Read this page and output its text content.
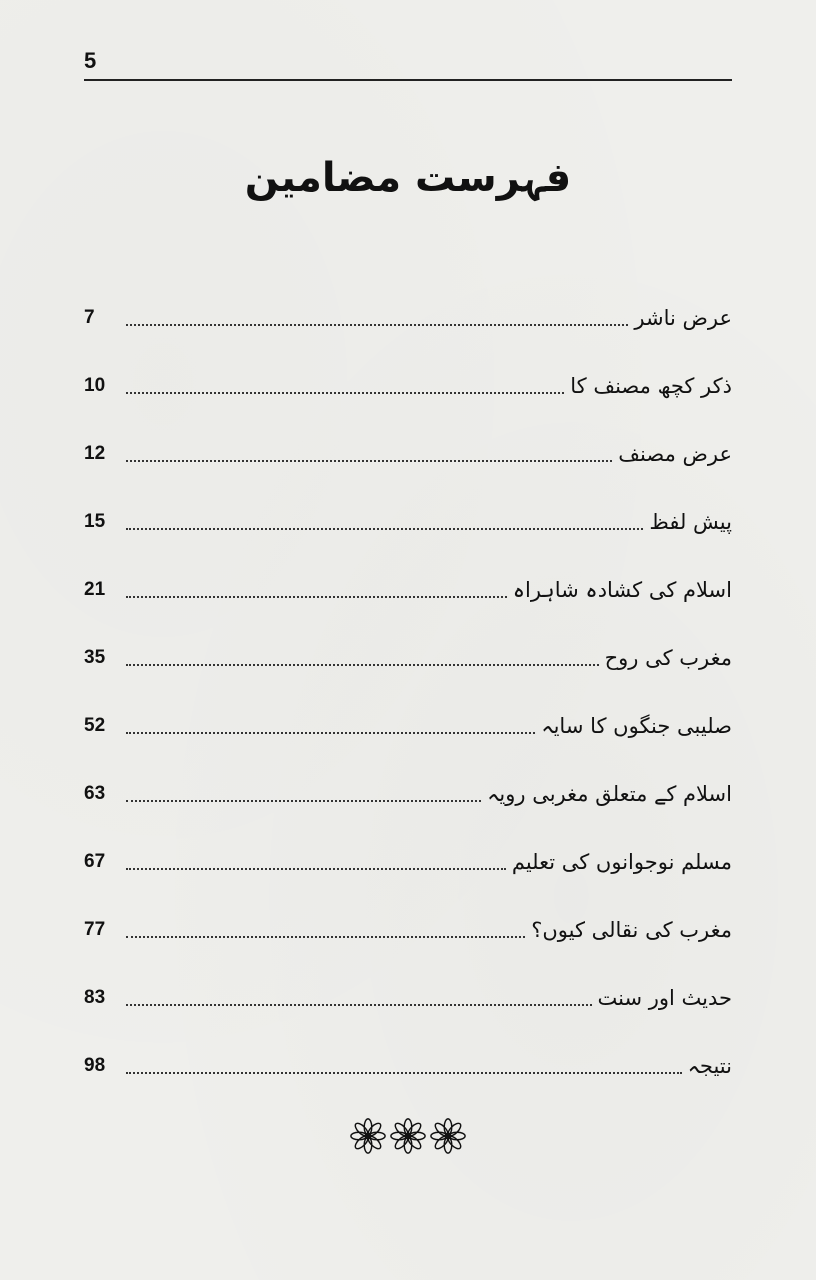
5
فہرست مضامین
عرض ناشر
7
ذکر کچھ مصنف کا
10
عرض مصنف
12
پیش لفظ
15
اسلام کی کشادہ شاہراہ
21
مغرب کی روح
35
صلیبی جنگوں کا سایہ
52
اسلام کے متعلق مغربی رویہ
63
مسلم نوجوانوں کی تعلیم
67
مغرب کی نقالی کیوں؟
77
حدیث اور سنت
83
نتیجہ
98
